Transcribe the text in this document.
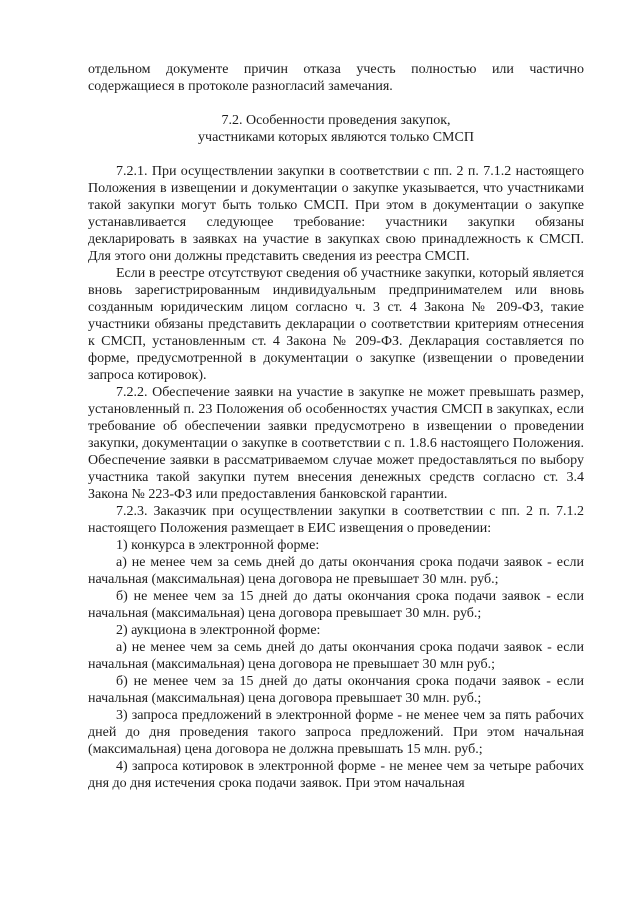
отдельном документе причин отказа учесть полностью или частично содержащиеся в протоколе разногласий замечания.

7.2. Особенности проведения закупок,
участниками которых являются только СМСП

7.2.1. При осуществлении закупки в соответствии с пп. 2 п. 7.1.2 настоящего Положения в извещении и документации о закупке указывается, что участниками такой закупки могут быть только СМСП. При этом в документации о закупке устанавливается следующее требование: участники закупки обязаны декларировать в заявках на участие в закупках свою принадлежность к СМСП. Для этого они должны представить сведения из реестра СМСП.

Если в реестре отсутствуют сведения об участнике закупки, который является вновь зарегистрированным индивидуальным предпринимателем или вновь созданным юридическим лицом согласно ч. 3 ст. 4 Закона № 209-ФЗ, такие участники обязаны представить декларации о соответствии критериям отнесения к СМСП, установленным ст. 4 Закона № 209-ФЗ. Декларация составляется по форме, предусмотренной в документации о закупке (извещении о проведении запроса котировок).

7.2.2. Обеспечение заявки на участие в закупке не может превышать размер, установленный п. 23 Положения об особенностях участия СМСП в закупках, если требование об обеспечении заявки предусмотрено в извещении о проведении закупки, документации о закупке в соответствии с п. 1.8.6 настоящего Положения. Обеспечение заявки в рассматриваемом случае может предоставляться по выбору участника такой закупки путем внесения денежных средств согласно ст. 3.4 Закона № 223-ФЗ или предоставления банковской гарантии.

7.2.3. Заказчик при осуществлении закупки в соответствии с пп. 2 п. 7.1.2 настоящего Положения размещает в ЕИС извещения о проведении:

1) конкурса в электронной форме:

а) не менее чем за семь дней до даты окончания срока подачи заявок - если начальная (максимальная) цена договора не превышает 30 млн. руб.;

б) не менее чем за 15 дней до даты окончания срока подачи заявок - если начальная (максимальная) цена договора превышает 30 млн. руб.;

2) аукциона в электронной форме:

а) не менее чем за семь дней до даты окончания срока подачи заявок - если начальная (максимальная) цена договора не превышает 30 млн руб.;

б) не менее чем за 15 дней до даты окончания срока подачи заявок - если начальная (максимальная) цена договора превышает 30 млн. руб.;

3) запроса предложений в электронной форме - не менее чем за пять рабочих дней до дня проведения такого запроса предложений. При этом начальная (максимальная) цена договора не должна превышать 15 млн. руб.;

4) запроса котировок в электронной форме - не менее чем за четыре рабочих дня до дня истечения срока подачи заявок. При этом начальная
